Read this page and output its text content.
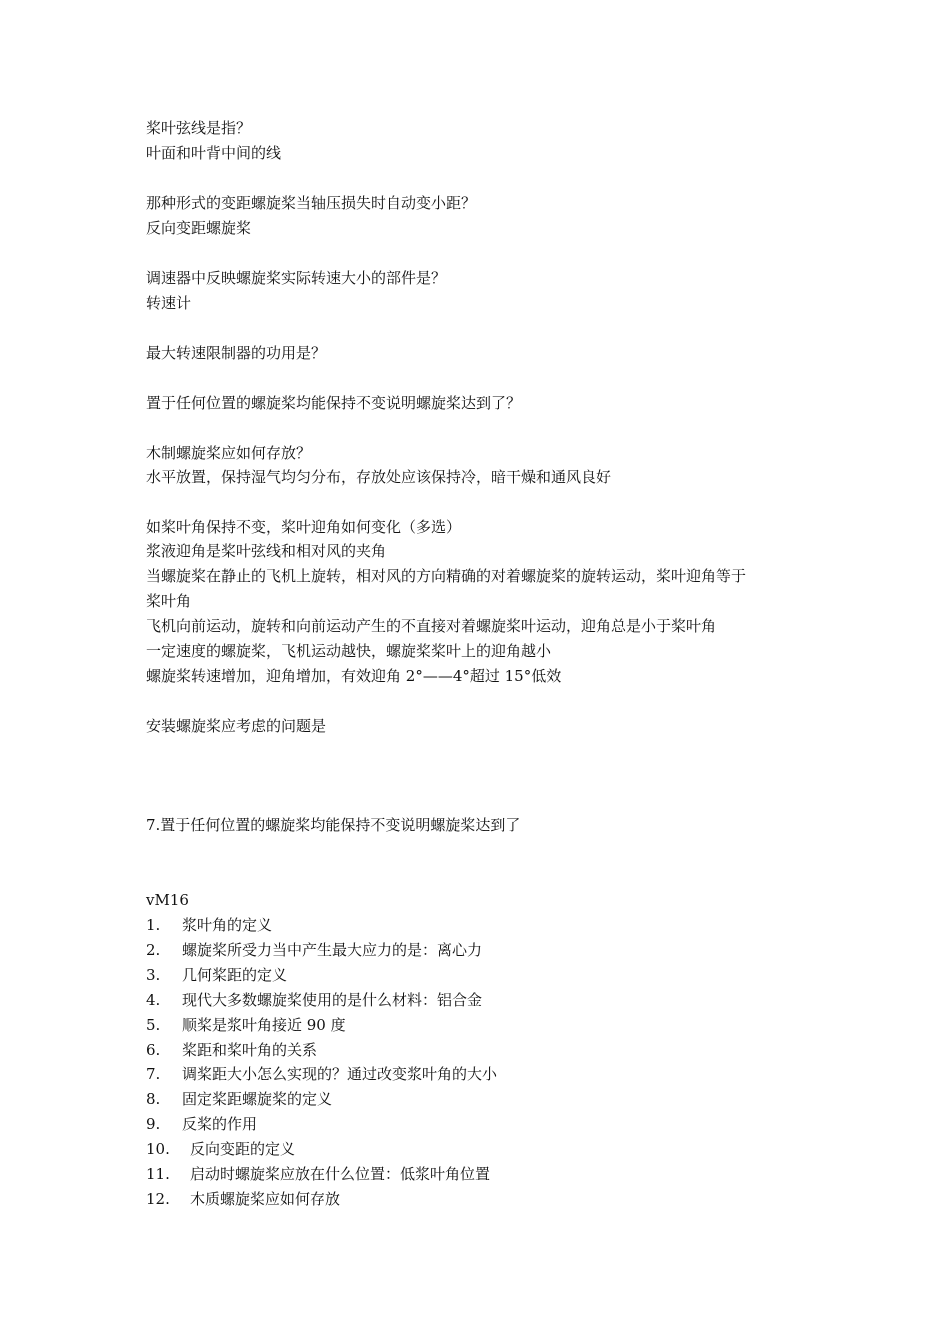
桨叶弦线是指？
叶面和叶背中间的线
那种形式的变距螺旋桨当轴压损失时自动变小距？
反向变距螺旋桨
调速器中反映螺旋桨实际转速大小的部件是？
转速计
最大转速限制器的功用是？
置于任何位置的螺旋桨均能保持不变说明螺旋桨达到了？
木制螺旋桨应如何存放？
水平放置，保持湿气均匀分布，存放处应该保持冷，暗干燥和通风良好
如桨叶角保持不变，桨叶迎角如何变化（多选）
浆液迎角是桨叶弦线和相对风的夹角
当螺旋桨在静止的飞机上旋转，相对风的方向精确的对着螺旋桨的旋转运动，桨叶迎角等于
桨叶角
飞机向前运动，旋转和向前运动产生的不直接对着螺旋桨叶运动，迎角总是小于桨叶角
一定速度的螺旋桨，飞机运动越快，螺旋桨桨叶上的迎角越小
螺旋桨转速增加，迎角增加，有效迎角 2°——4°超过 15°低效
安装螺旋桨应考虑的问题是
7.置于任何位置的螺旋桨均能保持不变说明螺旋桨达到了
vM16
1. 浆叶角的定义
2. 螺旋桨所受力当中产生最大应力的是：离心力
3. 几何桨距的定义
4. 现代大多数螺旋桨使用的是什么材料：铝合金
5. 顺桨是浆叶角接近 90 度
6. 桨距和桨叶角的关系
7. 调桨距大小怎么实现的？通过改变浆叶角的大小
8. 固定桨距螺旋桨的定义
9. 反桨的作用
10. 反向变距的定义
11. 启动时螺旋桨应放在什么位置：低浆叶角位置
12. 木质螺旋桨应如何存放
